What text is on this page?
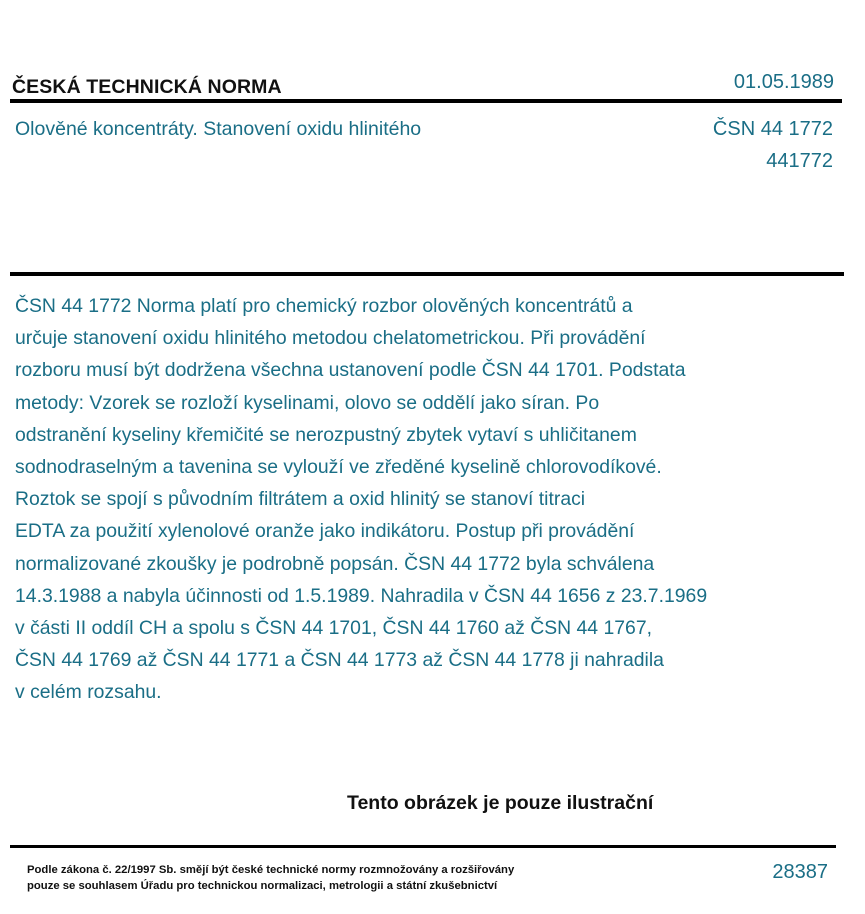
ČESKÁ TECHNICKÁ NORMA	01.05.1989
Olověné koncentráty. Stanovení oxidu hlinitého	ČSN 44 1772
441772
ČSN 44 1772 Norma platí pro chemický rozbor olověných koncentrátů a
určuje stanovení oxidu hlinitého metodou chelatometrickou. Při provádění
rozboru musí být dodržena všechna ustanovení podle ČSN 44 1701. Podstata
metody: Vzorek se rozloží kyselinami, olovo se oddělí jako síran. Po
odstranění kyseliny křemičité se nerozpustný zbytek vytaví s uhličitanem
sodnodraselným a tavenina se vylouží ve zředěné kyselině chlorovodíkové.
Roztok se spojí s původním filtrátem a oxid hlinitý se stanoví titraci
EDTA za použití xylenolové oranže jako indikátoru. Postup při provádění
normalizované zkoušky je podrobně popsán. ČSN 44 1772 byla schválena
14.3.1988 a nabyla účinnosti od 1.5.1989. Nahradila v ČSN 44 1656 z 23.7.1969
v části II oddíl CH a spolu s ČSN 44 1701, ČSN 44 1760 až ČSN 44 1767,
ČSN 44 1769 až ČSN 44 1771 a ČSN 44 1773 až ČSN 44 1778 ji nahradila
v celém rozsahu.
Tento obrázek je pouze ilustrační
Podle zákona č. 22/1997 Sb. smějí být české technické normy rozmnožovány a rozšiřovány
pouze se souhlasem Úřadu pro technickou normalizaci, metrologii a státní zkušebnictví
28387
